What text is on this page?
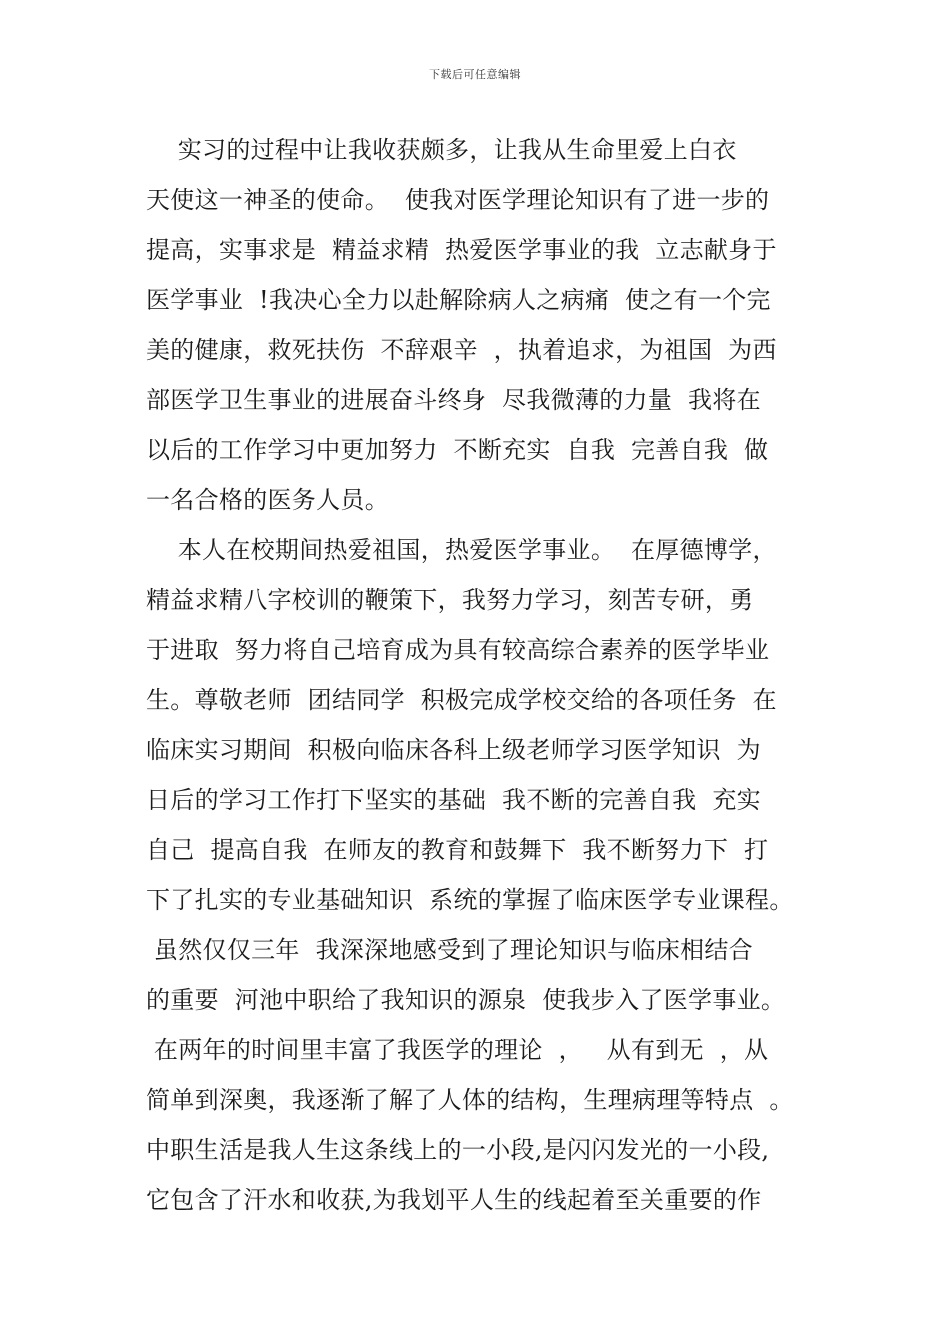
下载后可任意编辑
实习的过程中让我收获颇多，让我从生命里爱上白衣
天使这一神圣的使命。  使我对医学理论知识有了进一步的
提高，实事求是  精益求精  热爱医学事业的我  立志献身于
医学事业  !我决心全力以赴解除病人之病痛  使之有一个完
美的健康，救死扶伤  不辞艰辛  ，执着追求，为祖国  为西
部医学卫生事业的进展奋斗终身  尽我微薄的力量  我将在
以后的工作学习中更加努力  不断充实  自我  完善自我  做
一名合格的医务人员。
本人在校期间热爱祖国，热爱医学事业。  在厚德博学，
精益求精八字校训的鞭策下，我努力学习，刻苦专研，勇
于进取  努力将自己培育成为具有较高综合素养的医学毕业
生。尊敬老师  团结同学  积极完成学校交给的各项任务  在
临床实习期间  积极向临床各科上级老师学习医学知识  为
日后的学习工作打下坚实的基础  我不断的完善自我  充实
自己  提高自我  在师友的教育和鼓舞下  我不断努力下  打
下了扎实的专业基础知识  系统的掌握了临床医学专业课程。
虽然仅仅三年  我深深地感受到了理论知识与临床相结合
的重要  河池中职给了我知识的源泉  使我步入了医学事业。
在两年的时间里丰富了我医学的理论  ，   从有到无  ，从
简单到深奥，我逐渐了解了人体的结构，生理病理等特点  。
中职生活是我人生这条线上的一小段,是闪闪发光的一小段,
它包含了汗水和收获,为我划平人生的线起着至关重要的作
